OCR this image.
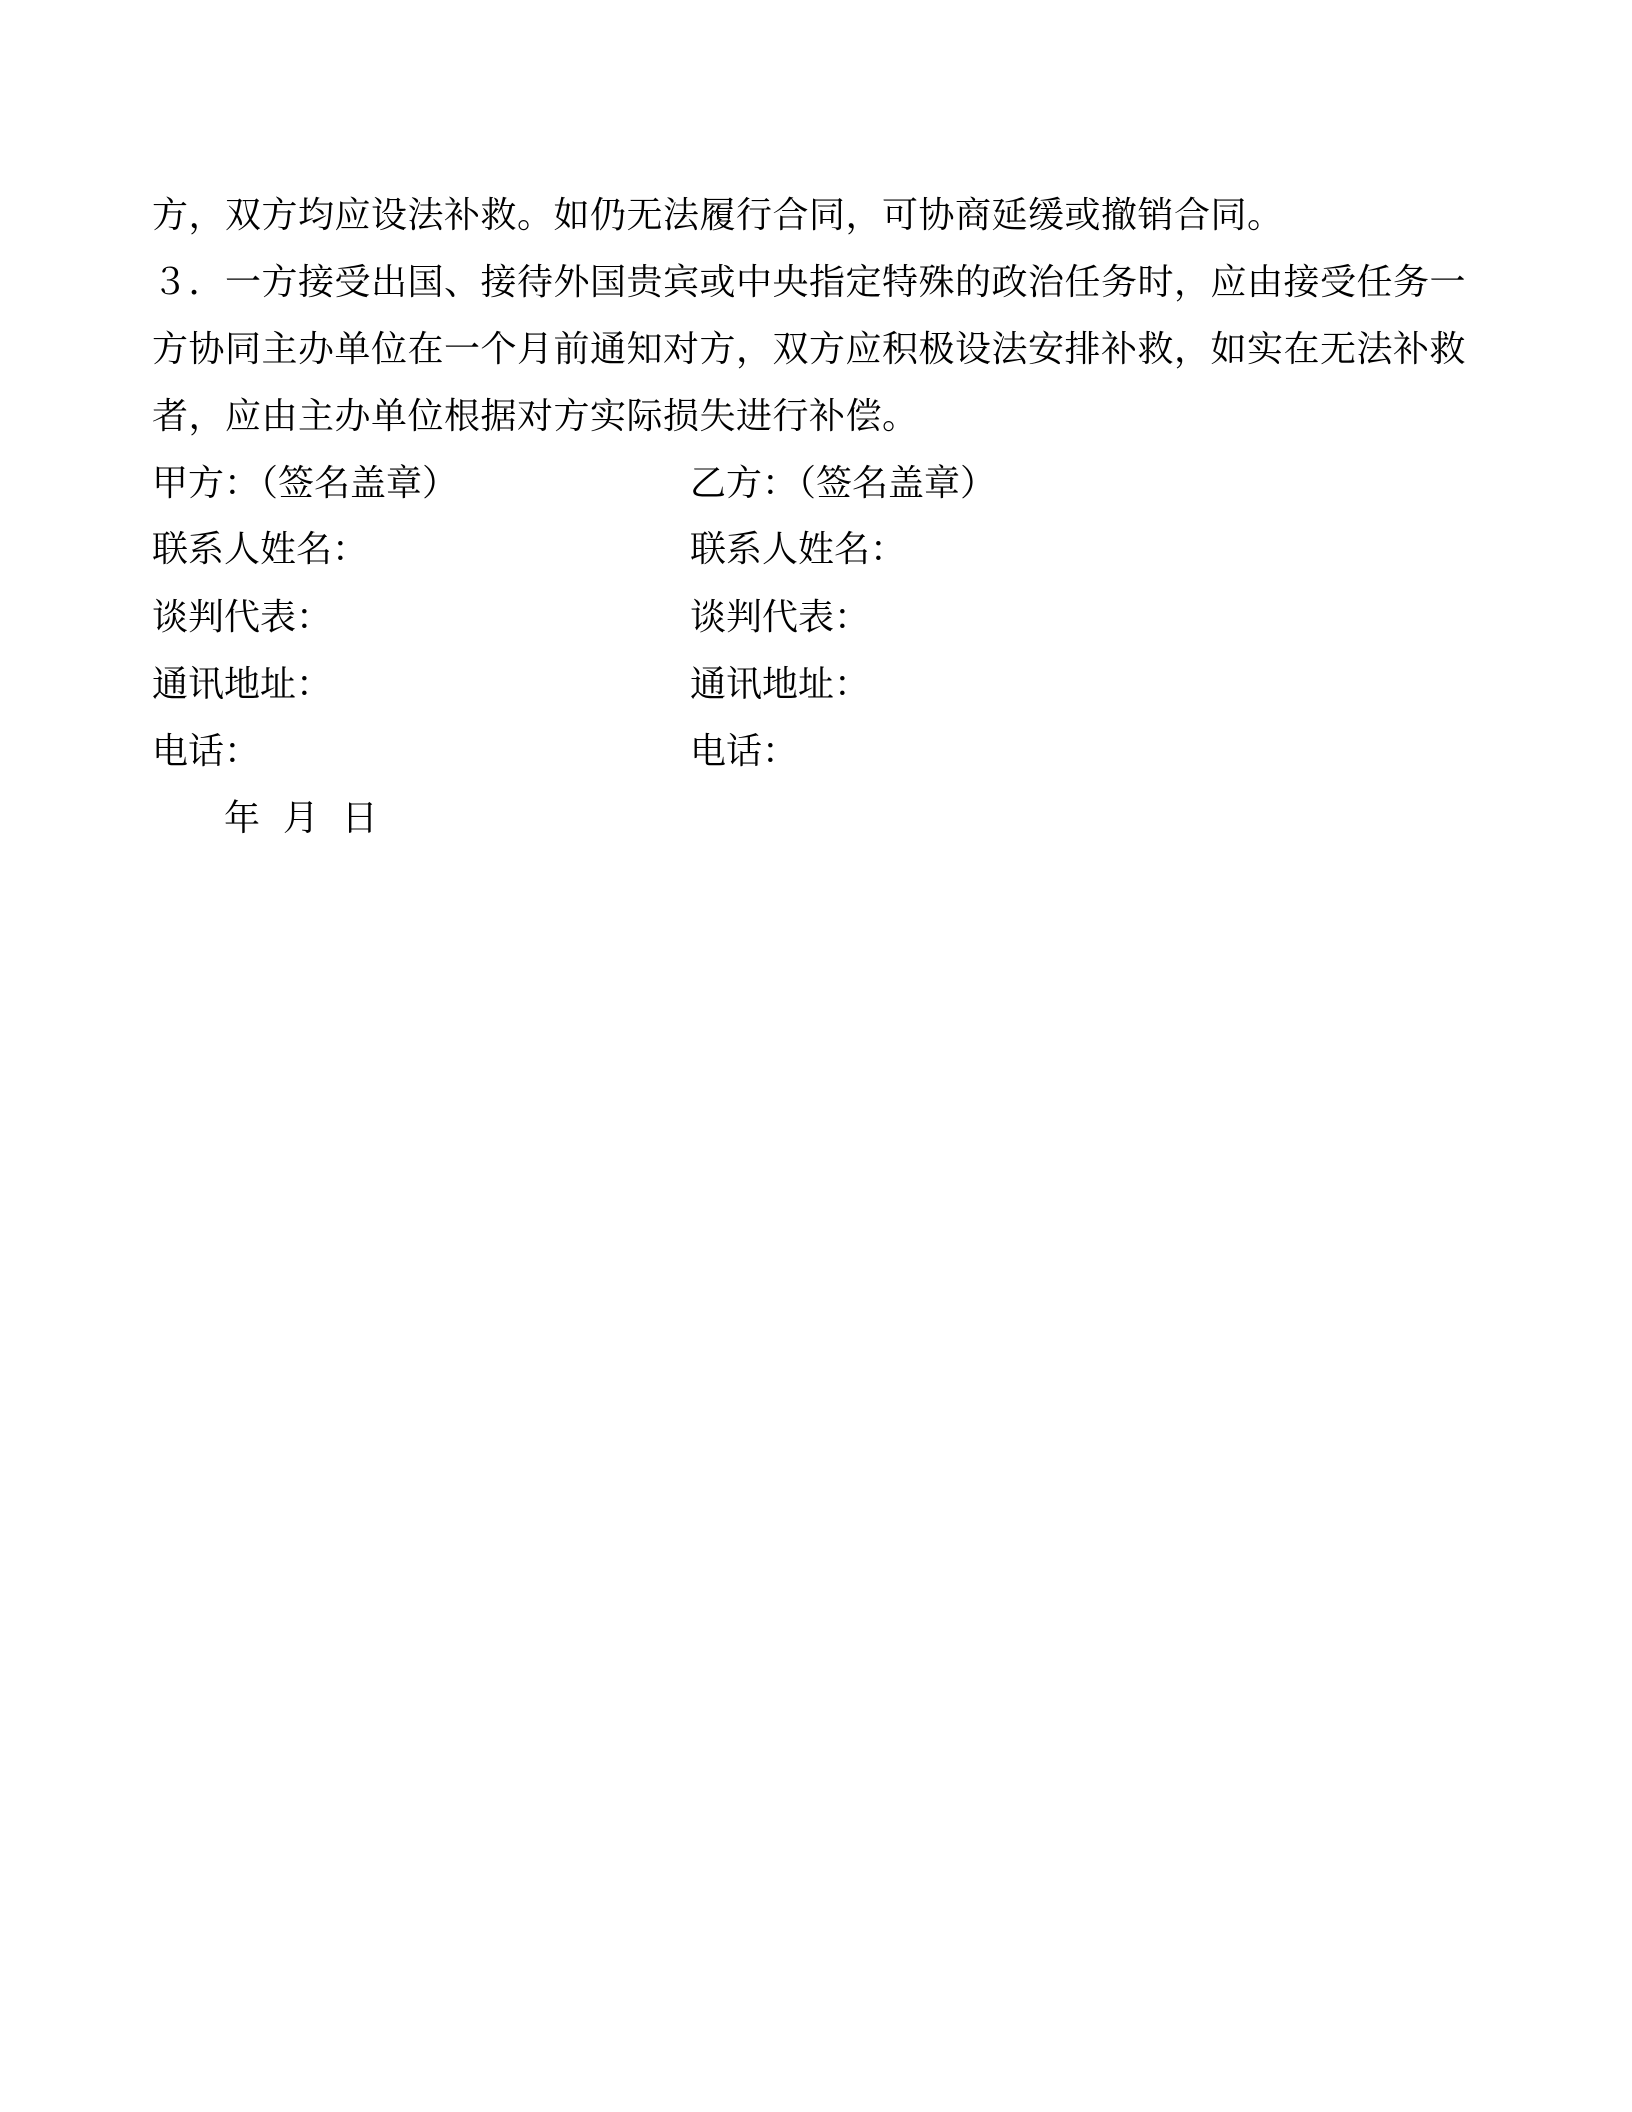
方，双方均应设法补救。如仍无法履行合同，可协商延缓或撤销合同。
３．一方接受出国、接待外国贵宾或中央指定特殊的政治任务时，应由接受任务一
方协同主办单位在一个月前通知对方，双方应积极设法安排补救，如实在无法补救
者，应由主办单位根据对方实际损失进行补偿。
甲方：（签名盖章）	乙方：（签名盖章）
联系人姓名：	联系人姓名：
谈判代表：	谈判代表：
通讯地址：	通讯地址：
电话：	电话：
年  月  日
